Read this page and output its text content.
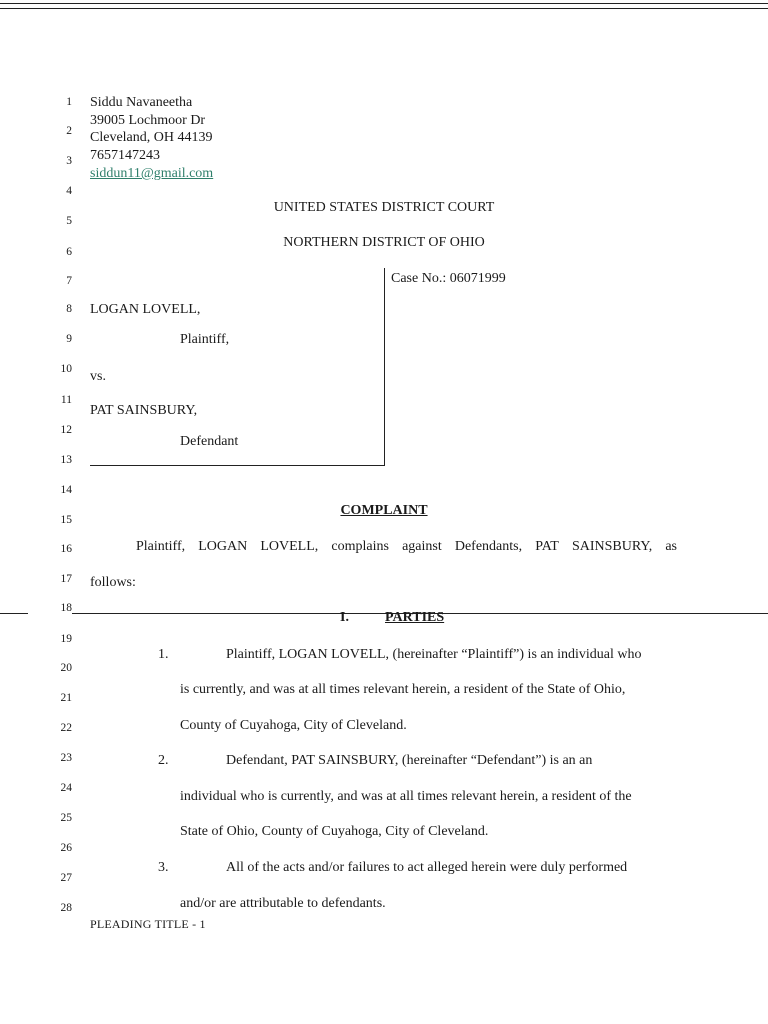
1
2
3
4
5
6
7
8
9
10
11
12
13
14
15
16
17
18
19
20
21
22
23
24
25
26
27
28
Siddu Navaneetha
39005 Lochmoor Dr
Cleveland, OH 44139
7657147243
siddun11@gmail.com
UNITED STATES DISTRICT COURT
NORTHERN DISTRICT OF OHIO
Case No.: 06071999
LOGAN LOVELL,
Plaintiff,
vs.
PAT SAINSBURY,
Defendant
COMPLAINT
Plaintiff, LOGAN LOVELL, complains against Defendants, PAT SAINSBURY, as
follows:
I.	PARTIES
1.	Plaintiff, LOGAN LOVELL, (hereinafter “Plaintiff”) is an individual who
is currently, and was at all times relevant herein, a resident of the State of Ohio,
County of Cuyahoga, City of Cleveland.
2.	Defendant, PAT SAINSBURY, (hereinafter “Defendant”) is an an
individual who is currently, and was at all times relevant herein, a resident of the
State of Ohio, County of Cuyahoga, City of Cleveland.
3.	All of the acts and/or failures to act alleged herein were duly performed
and/or are attributable to defendants.
PLEADING TITLE - 1
